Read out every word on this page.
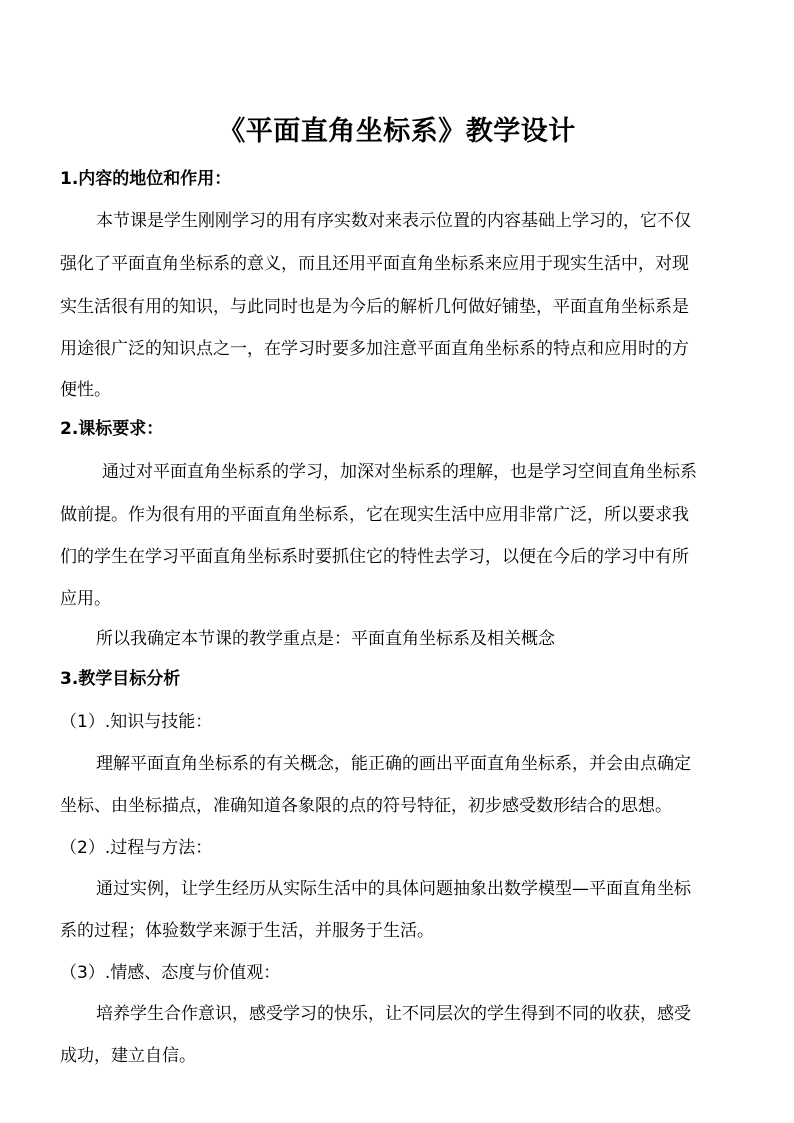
《平面直角坐标系》教学设计
1.内容的地位和作用：
本节课是学生刚刚学习的用有序实数对来表示位置的内容基础上学习的，它不仅
强化了平面直角坐标系的意义，而且还用平面直角坐标系来应用于现实生活中，对现
实生活很有用的知识，与此同时也是为今后的解析几何做好铺垫，平面直角坐标系是
用途很广泛的知识点之一，在学习时要多加注意平面直角坐标系的特点和应用时的方
便性。
2.课标要求：
通过对平面直角坐标系的学习，加深对坐标系的理解，也是学习空间直角坐标系
做前提。作为很有用的平面直角坐标系，它在现实生活中应用非常广泛，所以要求我
们的学生在学习平面直角坐标系时要抓住它的特性去学习，以便在今后的学习中有所
应用。
所以我确定本节课的教学重点是：平面直角坐标系及相关概念
3.教学目标分析
（1）.知识与技能：
理解平面直角坐标系的有关概念，能正确的画出平面直角坐标系，并会由点确定
坐标、由坐标描点，准确知道各象限的点的符号特征，初步感受数形结合的思想。
（2）.过程与方法：
通过实例，让学生经历从实际生活中的具体问题抽象出数学模型—平面直角坐标
系的过程；体验数学来源于生活，并服务于生活。
（3）.情感、态度与价值观：
培养学生合作意识，感受学习的快乐，让不同层次的学生得到不同的收获，感受
成功，建立自信。
